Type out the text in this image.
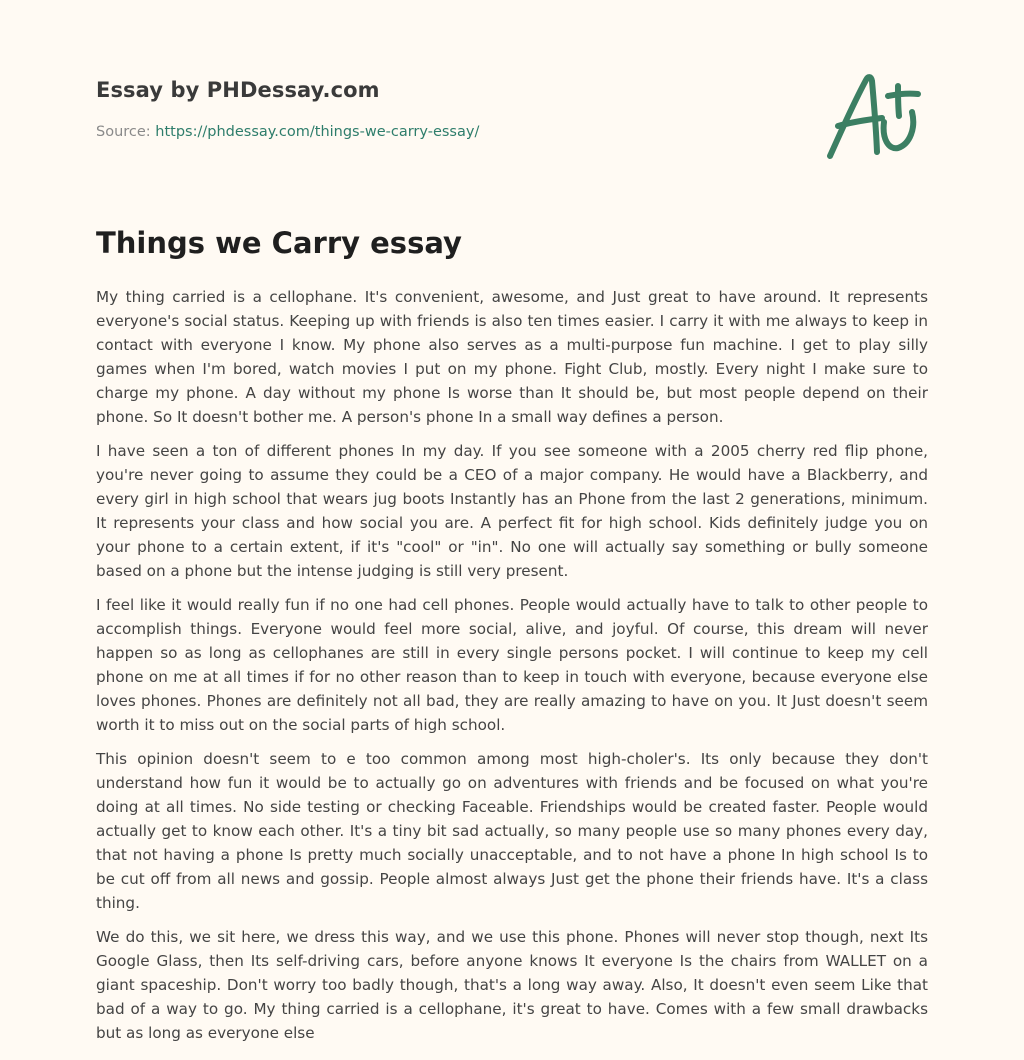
Essay by PHDessay.com
Source: https://phdessay.com/things-we-carry-essay/
Things we Carry essay

My thing carried is a cellophane. It's convenient, awesome, and Just great to have around. It represents everyone's social status. Keeping up with friends is also ten times easier. I carry it with me always to keep in contact with everyone I know. My phone also serves as a multi-purpose fun machine. I get to play silly games when I'm bored, watch movies I put on my phone. Fight Club, mostly. Every night I make sure to charge my phone. A day without my phone Is worse than It should be, but most people depend on their phone. So It doesn't bother me. A person's phone In a small way defines a person.

I have seen a ton of different phones In my day. If you see someone with a 2005 cherry red flip phone, you're never going to assume they could be a CEO of a major company. He would have a Blackberry, and every girl in high school that wears jug boots Instantly has an Phone from the last 2 generations, minimum. It represents your class and how social you are. A perfect fit for high school. Kids definitely judge you on your phone to a certain extent, if it's "cool" or "in". No one will actually say something or bully someone based on a phone but the intense judging is still very present.

I feel like it would really fun if no one had cell phones. People would actually have to talk to other people to accomplish things. Everyone would feel more social, alive, and joyful. Of course, this dream will never happen so as long as cellophanes are still in every single persons pocket. I will continue to keep my cell phone on me at all times if for no other reason than to keep in touch with everyone, because everyone else loves phones. Phones are definitely not all bad, they are really amazing to have on you. It Just doesn't seem worth it to miss out on the social parts of high school.

This opinion doesn't seem to e too common among most high-choler's. Its only because they don't understand how fun it would be to actually go on adventures with friends and be focused on what you're doing at all times. No side testing or checking Faceable. Friendships would be created faster. People would actually get to know each other. It's a tiny bit sad actually, so many people use so many phones every day, that not having a phone Is pretty much socially unacceptable, and to not have a phone In high school Is to be cut off from all news and gossip. People almost always Just get the phone their friends have. It's a class thing.

We do this, we sit here, we dress this way, and we use this phone. Phones will never stop though, next Its Google Glass, then Its self-driving cars, before anyone knows It everyone Is the chairs from WALLET on a giant spaceship. Don't worry too badly though, that's a long way away. Also, It doesn't even seem Like that bad of a way to go. My thing carried is a cellophane, it's great to have. Comes with a few small drawbacks but as long as everyone else
